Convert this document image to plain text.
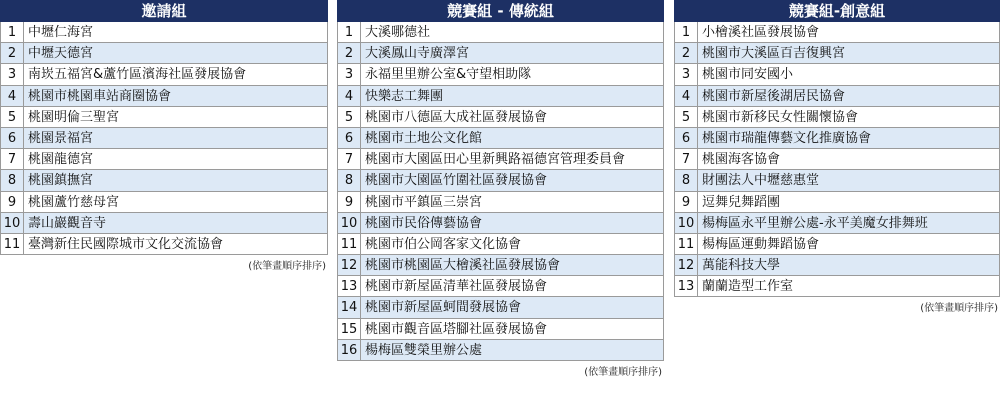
邀請組
1 中壢仁海宮
2 中壢天德宮
3 南崁五福宮&蘆竹區濱海社區發展協會
4 桃園市桃園車站商圈協會
5 桃園明倫三聖宮
6 桃園景福宮
7 桃園龍德宮
8 桃園鎮撫宮
9 桃園蘆竹慈母宮
10 壽山巖觀音寺
11 臺灣新住民國際城市文化交流協會
(依筆畫順序排序)
競賽組 - 傳統組
1 大溪哪德社
2 大溪鳳山寺廣澤宮
3 永福里里辦公室&守望相助隊
4 快樂志工舞團
5 桃園市八德區大成社區發展協會
6 桃園市土地公文化館
7 桃園市大園區田心里新興路福德宮管理委員會
8 桃園市大園區竹圍社區發展協會
9 桃園市平鎮區三崇宮
10 桃園市民俗傳藝協會
11 桃園市伯公岡客家文化協會
12 桃園市桃園區大檜溪社區發展協會
13 桃園市新屋區清華社區發展協會
14 桃園市新屋區蚵間發展協會
15 桃園市觀音區塔腳社區發展協會
16 楊梅區雙榮里辦公處
(依筆畫順序排序)
競賽組-創意組
1 小檜溪社區發展協會
2 桃園市大溪區百吉復興宮
3 桃園市同安國小
4 桃園市新屋後湖居民協會
5 桃園市新移民女性關懷協會
6 桃園市瑞龍傳藝文化推廣協會
7 桃園海客協會
8 財團法人中壢慈惠堂
9 逗舞兒舞蹈團
10 楊梅區永平里辦公處-永平美魔女排舞班
11 楊梅區運動舞蹈協會
12 萬能科技大學
13 蘭蘭造型工作室
(依筆畫順序排序)
